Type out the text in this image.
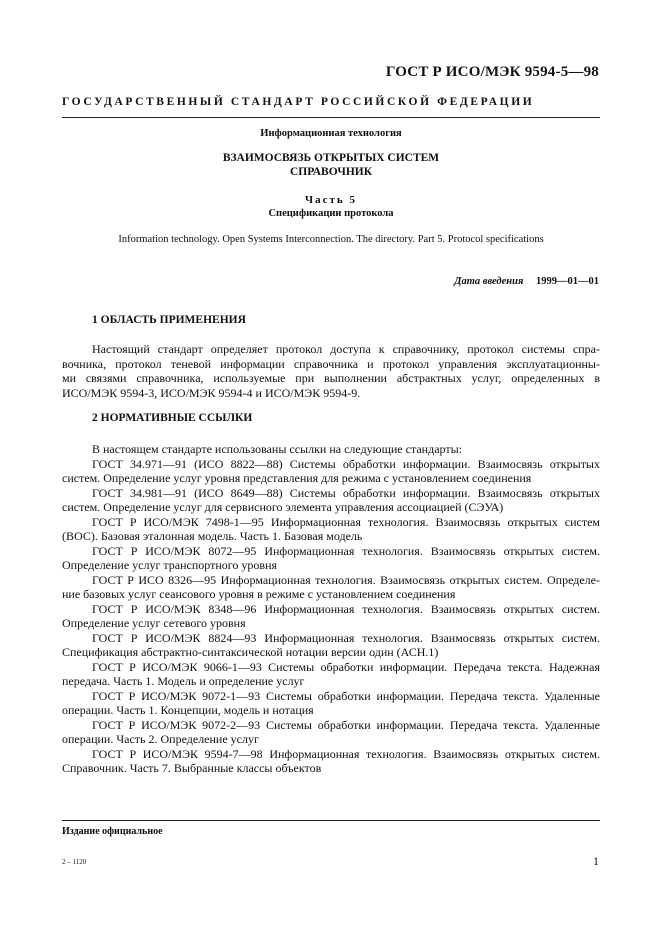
ГОСТ Р ИСО/МЭК 9594-5—98
ГОСУДАРСТВЕННЫЙ СТАНДАРТ РОССИЙСКОЙ ФЕДЕРАЦИИ
Информационная технология
ВЗАИМОСВЯЗЬ ОТКРЫТЫХ СИСТЕМ
СПРАВОЧНИК
Часть 5
Спецификации протокола
Information technology. Open Systems Interconnection. The directory. Part 5. Protocol specifications
Дата введения 1999—01—01
1 ОБЛАСТЬ ПРИМЕНЕНИЯ
Настоящий стандарт определяет протокол доступа к справочнику, протокол системы спра-
вочника, протокол теневой информации справочника и протокол управления эксплуатационны-
ми связями справочника, используемые при выполнении абстрактных услуг, определенных в
ИСО/МЭК 9594-3, ИСО/МЭК 9594-4 и ИСО/МЭК 9594-9.
2 НОРМАТИВНЫЕ ССЫЛКИ
В настоящем стандарте использованы ссылки на следующие стандарты:
ГОСТ 34.971—91 (ИСО 8822—88) Системы обработки информации. Взаимосвязь открытых
систем. Определение услуг уровня представления для режима с установлением соединения
ГОСТ 34.981—91 (ИСО 8649—88) Системы обработки информации. Взаимосвязь открытых
систем. Определение услуг для сервисного элемента управления ассоциацией (СЭУА)
ГОСТ Р ИСО/МЭК 7498-1—95 Информационная технология. Взаимосвязь открытых систем
(ВОС). Базовая эталонная модель. Часть 1. Базовая модель
ГОСТ Р ИСО/МЭК 8072—95 Информационная технология. Взаимосвязь открытых систем.
Определение услуг транспортного уровня
ГОСТ Р ИСО 8326—95 Информационная технология. Взаимосвязь открытых систем. Определе-
ние базовых услуг сеансового уровня в режиме с установлением соединения
ГОСТ Р ИСО/МЭК 8348—96 Информационная технология. Взаимосвязь открытых систем.
Определение услуг сетевого уровня
ГОСТ Р ИСО/МЭК 8824—93 Информационная технология. Взаимосвязь открытых систем.
Спецификация абстрактно-синтаксической нотации версии один (АСН.1)
ГОСТ Р ИСО/МЭК 9066-1—93 Системы обработки информации. Передача текста. Надежная
передача. Часть 1. Модель и определение услуг
ГОСТ Р ИСО/МЭК 9072-1—93 Системы обработки информации. Передача текста. Удаленные
операции. Часть 1. Концепции, модель и нотация
ГОСТ Р ИСО/МЭК 9072-2—93 Системы обработки информации. Передача текста. Удаленные
операции. Часть 2. Определение услуг
ГОСТ Р ИСО/МЭК 9594-7—98 Информационная технология. Взаимосвязь открытых систем.
Справочник. Часть 7. Выбранные классы объектов
Издание официальное
2 – 1120	1
